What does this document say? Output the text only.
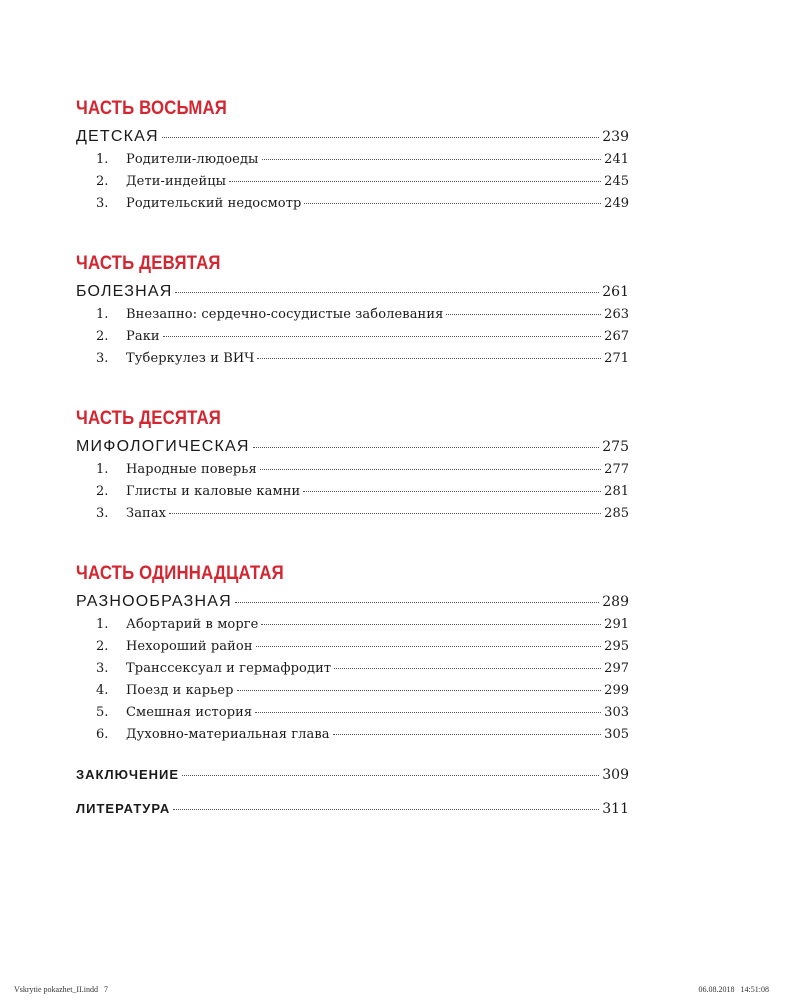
ЧАСТЬ ВОСЬМАЯ
ДЕТСКАЯ	239
1.	Родители-людоеды	241
2.	Дети-индейцы	245
3.	Родительский недосмотр	249
ЧАСТЬ ДЕВЯТАЯ
БОЛЕЗНАЯ	261
1.	Внезапно: сердечно-сосудистые заболевания	263
2.	Раки	267
3.	Туберкулез и ВИЧ	271
ЧАСТЬ ДЕСЯТАЯ
МИФОЛОГИЧЕСКАЯ	275
1.	Народные поверья	277
2.	Глисты и каловые камни	281
3.	Запах	285
ЧАСТЬ ОДИННАДЦАТАЯ
РАЗНООБРАЗНАЯ	289
1.	Абортарий в морге	291
2.	Нехороший район	295
3.	Транссексуал и гермафродит	297
4.	Поезд и карьер	299
5.	Смешная история	303
6.	Духовно-материальная глава	305
ЗАКЛЮЧЕНИЕ	309
ЛИТЕРАТУРА	311
Vskrytie pokazhet_II.indd   7	06.08.2018   14:51:08
